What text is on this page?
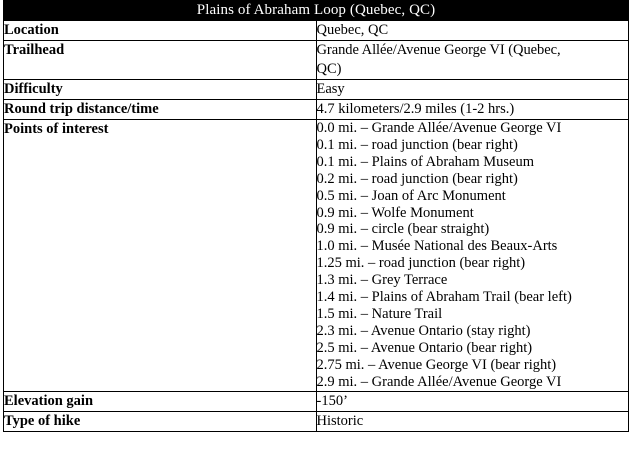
Plains of Abraham Loop (Quebec, QC)	
Location	Quebec, QC
Trailhead	Grande Allée/Avenue George VI (Quebec,
QC)

Difficulty	Easy
Round trip distance/time	4.7 kilometers/2.9 miles (1-2 hrs.)
Points of interest	0.0 mi. – Grande Allée/Avenue George VI
0.1 mi. – road junction (bear right)
0.1 mi. – Plains of Abraham Museum
0.2 mi. – road junction (bear right)
0.5 mi. – Joan of Arc Monument
0.9 mi. – Wolfe Monument
0.9 mi. – circle (bear straight)
1.0 mi. – Musée National des Beaux-Arts
1.25 mi. – road junction (bear right)
1.3 mi. – Grey Terrace
1.4 mi. – Plains of Abraham Trail (bear left)
1.5 mi. – Nature Trail
2.3 mi. – Avenue Ontario (stay right)
2.5 mi. – Avenue Ontario (bear right)
2.75 mi. – Avenue George VI (bear right)
2.9 mi. – Grande Allée/Avenue George VI

Elevation gain	-150’
Type of hike	Historic
